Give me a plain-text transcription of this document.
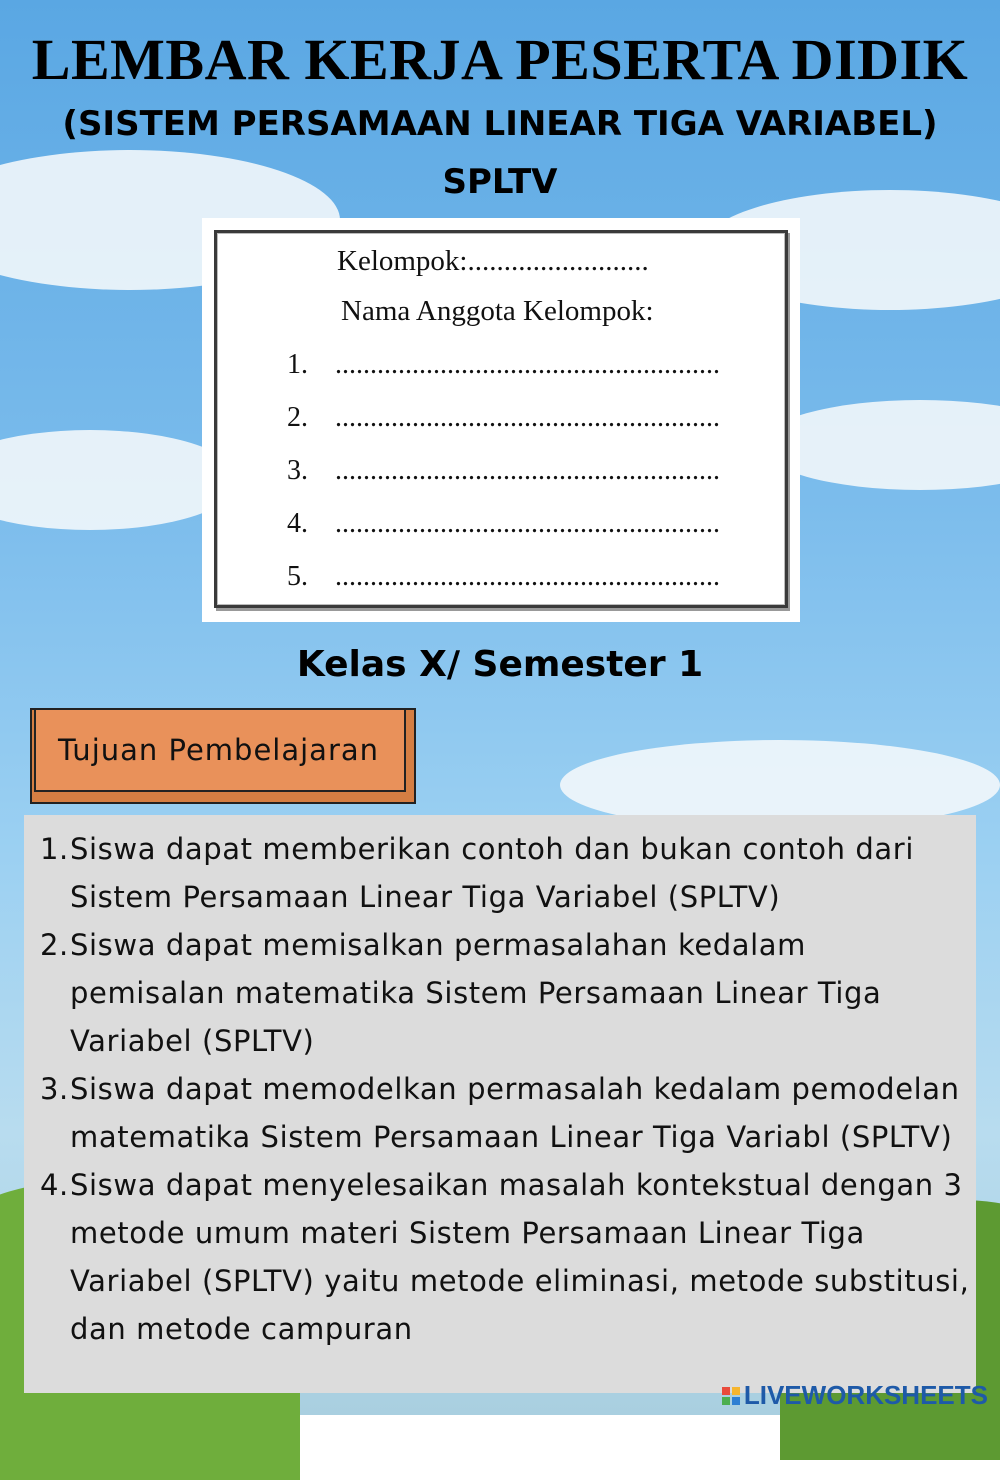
LEMBAR KERJA PESERTA DIDIK
(SISTEM PERSAMAAN LINEAR TIGA VARIABEL)
SPLTV
Kelompok:.........................
Nama Anggota Kelompok:
1. .......................................................
2. .......................................................
3. .......................................................
4. .......................................................
5. .......................................................
Kelas X/ Semester 1
Tujuan Pembelajaran
1. Siswa dapat memberikan contoh dan bukan contoh dari Sistem Persamaan Linear Tiga Variabel (SPLTV)
2. Siswa dapat memisalkan permasalahan kedalam pemisalan matematika Sistem Persamaan Linear Tiga Variabel (SPLTV)
3. Siswa dapat memodelkan permasalah kedalam pemodelan matematika Sistem Persamaan Linear Tiga Variabl (SPLTV)
4. Siswa dapat menyelesaikan masalah kontekstual dengan 3 metode umum materi Sistem Persamaan Linear Tiga Variabel (SPLTV) yaitu metode eliminasi, metode substitusi, dan metode campuran
LIVEWORKSHEETS
